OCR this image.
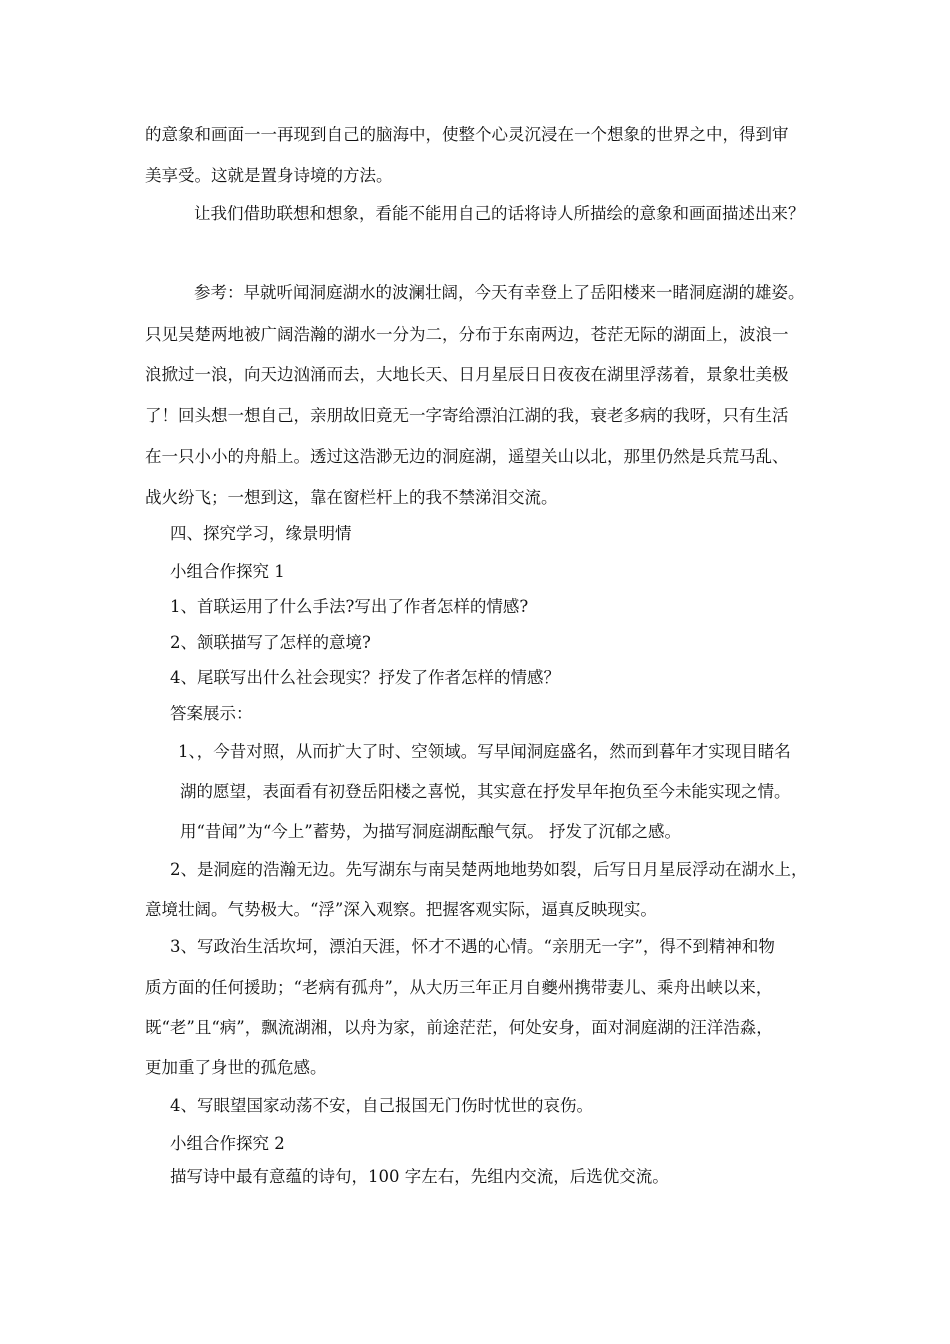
的意象和画面一一再现到自己的脑海中，使整个心灵沉浸在一个想象的世界之中，得到审
美享受。这就是置身诗境的方法。
让我们借助联想和想象，看能不能用自己的话将诗人所描绘的意象和画面描述出来？
参考：早就听闻洞庭湖水的波澜壮阔，今天有幸登上了岳阳楼来一睹洞庭湖的雄姿。
只见吴楚两地被广阔浩瀚的湖水一分为二，分布于东南两边，苍茫无际的湖面上，波浪一
浪掀过一浪，向天边汹涌而去，大地长天、日月星辰日日夜夜在湖里浮荡着，景象壮美极
了！回头想一想自己，亲朋故旧竟无一字寄给漂泊江湖的我，衰老多病的我呀，只有生活
在一只小小的舟船上。透过这浩渺无边的洞庭湖，遥望关山以北，那里仍然是兵荒马乱、
战火纷飞；一想到这，靠在窗栏杆上的我不禁涕泪交流。
四、探究学习，缘景明情
小组合作探究 1
1、首联运用了什么手法?写出了作者怎样的情感?
2、颔联描写了怎样的意境?
4、尾联写出什么社会现实？抒发了作者怎样的情感？
答案展示：
1、，今昔对照，从而扩大了时、空领域。写早闻洞庭盛名，然而到暮年才实现目睹名
湖的愿望，表面看有初登岳阳楼之喜悦，其实意在抒发早年抱负至今未能实现之情。
用“昔闻”为“今上”蓄势，为描写洞庭湖酝酿气氛。 抒发了沉郁之感。
2、是洞庭的浩瀚无边。先写湖东与南吴楚两地地势如裂，后写日月星辰浮动在湖水上，
意境壮阔。气势极大。“浮”深入观察。把握客观实际，逼真反映现实。
3、写政治生活坎坷，漂泊天涯，怀才不遇的心情。“亲朋无一字”，得不到精神和物
质方面的任何援助；“老病有孤舟”，从大历三年正月自夔州携带妻儿、乘舟出峡以来，
既“老”且“病”，飘流湖湘，以舟为家，前途茫茫，何处安身，面对洞庭湖的汪洋浩淼，
更加重了身世的孤危感。
4、写眼望国家动荡不安，自己报国无门伤时忧世的哀伤。
小组合作探究 2
描写诗中最有意蕴的诗句，100 字左右，先组内交流，后选优交流。
